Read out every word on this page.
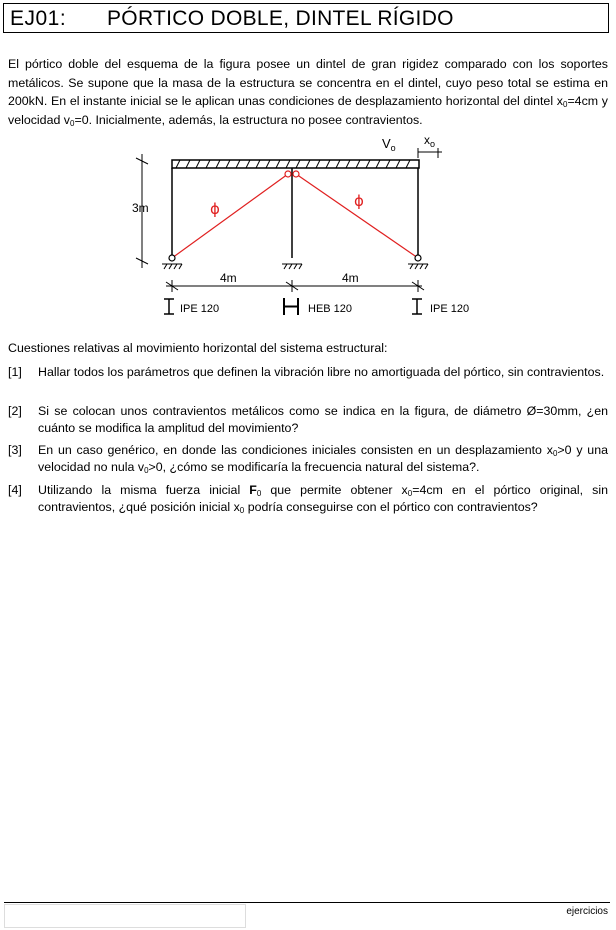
EJ01: PÓRTICO DOBLE, DINTEL RÍGIDO
El pórtico doble del esquema de la figura posee un dintel de gran rigidez comparado con los soportes metálicos. Se supone que la masa de la estructura se concentra en el dintel, cuyo peso total se estima en 200kN. En el instante inicial se le aplican unas condiciones de desplazamiento horizontal del dintel $x_0=4cm$ y velocidad $v_0=0$. Inicialmente, además, la estructura no posee contravientos.
ϕ	ϕ
3m
4m	4m
$V_o$
$x_o$
IPE 120	HEB 120	IPE 120
Cuestiones relativas al movimiento horizontal del sistema estructural:
[1] Hallar todos los parámetros que definen la vibración libre no amortiguada del pórtico, sin contravientos.
[2] Si se colocan unos contravientos metálicos como se indica en la figura, de diámetro Ø=30mm, ¿en cuánto se modifica la amplitud del movimiento?
[3] En un caso genérico, en donde las condiciones iniciales consisten en un desplazamiento $x_0>0$ y una velocidad no nula $v_0>0$, ¿cómo se modificaría la frecuencia natural del sistema?.
[4] Utilizando la misma fuerza inicial $F_0$ que permite obtener $x_0=4cm$ en el pórtico original, sin contravientos, ¿qué posición inicial $x_0$ podría conseguirse con el pórtico con contravientos?
ejercicios
